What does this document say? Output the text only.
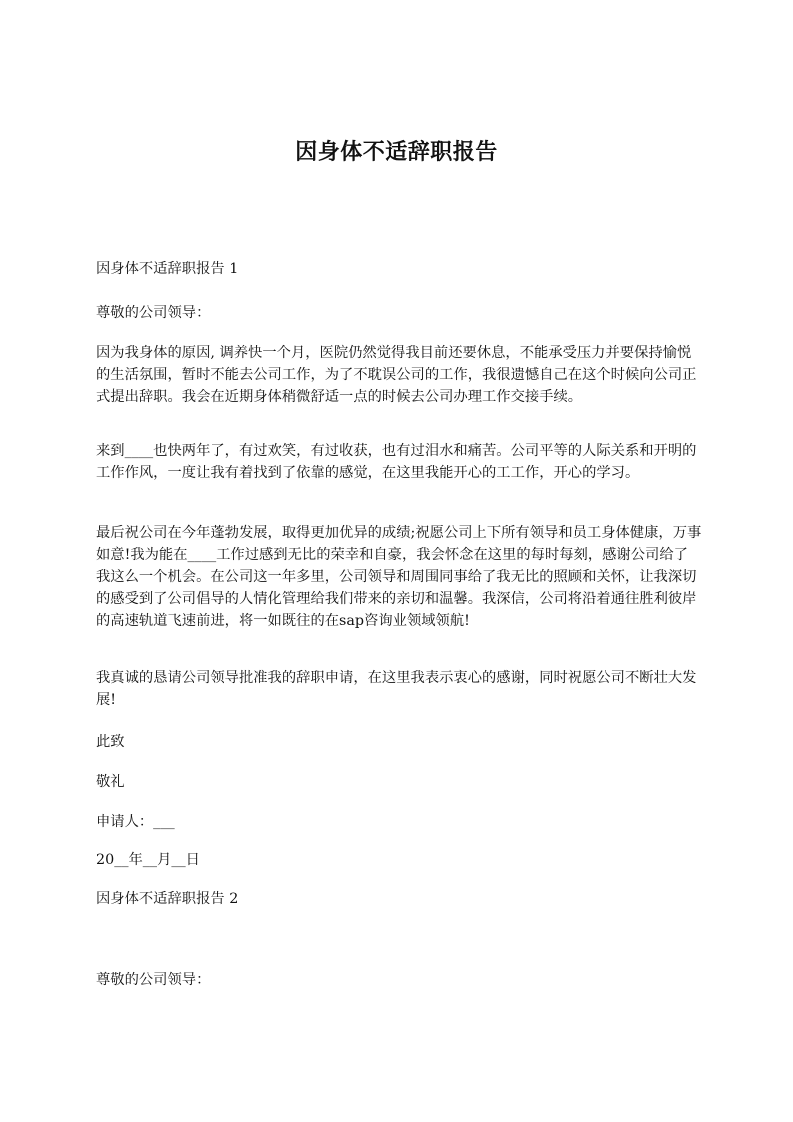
因身体不适辞职报告

因身体不适辞职报告 1

尊敬的公司领导：

因为我身体的原因, 调养快一个月，医院仍然觉得我目前还要休息，不能承受压力并要保持愉悦的生活氛围，暂时不能去公司工作，为了不耽误公司的工作，我很遗憾自己在这个时候向公司正式提出辞职。我会在近期身体稍微舒适一点的时候去公司办理工作交接手续。

来到____也快两年了，有过欢笑，有过收获，也有过泪水和痛苦。公司平等的人际关系和开明的工作作风，一度让我有着找到了依靠的感觉，在这里我能开心的工工作，开心的学习。

最后祝公司在今年蓬勃发展，取得更加优异的成绩;祝愿公司上下所有领导和员工身体健康，万事如意!我为能在____工作过感到无比的荣幸和自豪，我会怀念在这里的每时每刻，感谢公司给了我这么一个机会。在公司这一年多里，公司领导和周围同事给了我无比的照顾和关怀，让我深切的感受到了公司倡导的人情化管理给我们带来的亲切和温馨。我深信，公司将沿着通往胜利彼岸的高速轨道飞速前进，将一如既往的在sap咨询业领域领航!

我真诚的恳请公司领导批准我的辞职申请，在这里我表示衷心的感谢，同时祝愿公司不断壮大发展!

此致

敬礼

申请人：___

20__年__月__日

因身体不适辞职报告 2

尊敬的公司领导：
